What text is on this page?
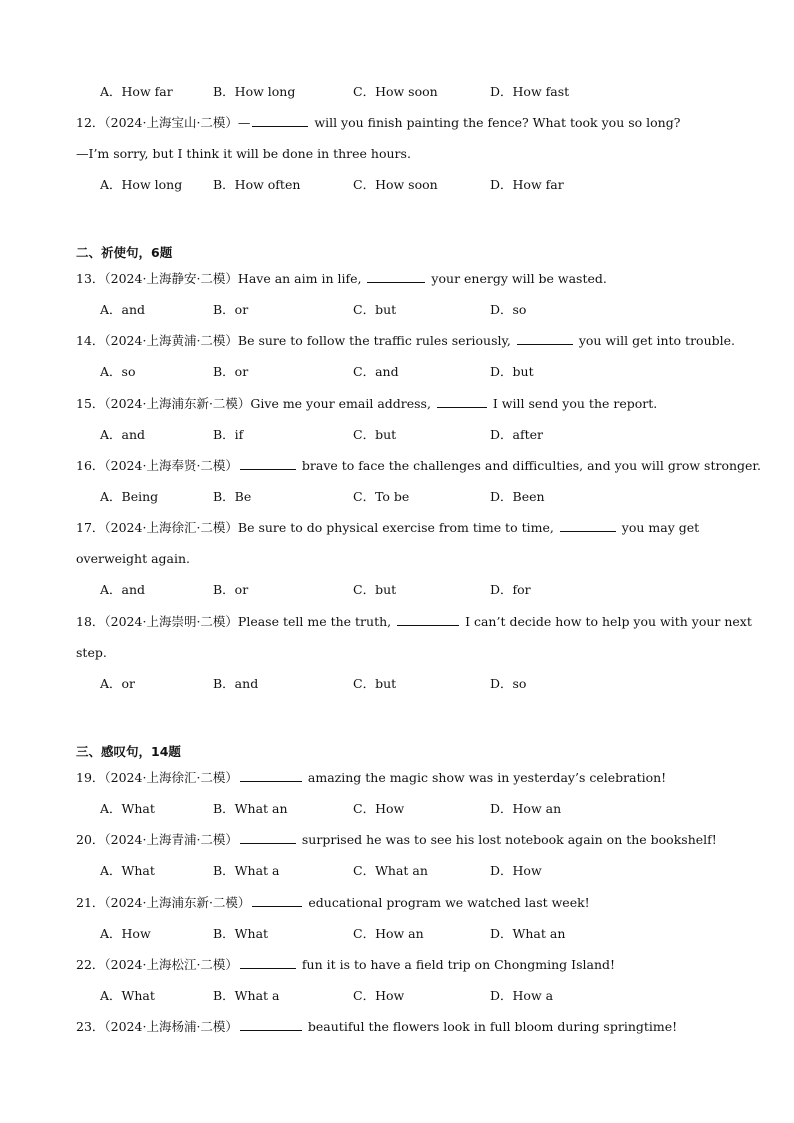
A．How far	B．How long	C．How soon	D．How fast
12．（2024·上海宝山·二模）—	will you finish painting the fence? What took you so long?
—I’m sorry, but I think it will be done in three hours.
A．How long B．How often	C．How soon	D．How far
二、祈使句，6题
13．（2024·上海静安·二模）Have an aim in life,	your energy will be wasted.
A．and	B．or	C．but	D．so
14．（2024·上海黄浦·二模）Be sure to follow the traffic rules seriously,	you will get into trouble.
A．so	B．or	C．and	D．but
15．（2024·上海浦东新·二模）Give me your email address,	I will send you the report.
A．and	B．if	C．but	D．after
16．（2024·上海奉贤·二模）	brave to face the challenges and difficulties, and you will grow stronger.
A．Being	B．Be	C．To be	D．Been
17．（2024·上海徐汇·二模）Be sure to do physical exercise from time to time,	you may get
overweight again.
A．and	B．or	C．but	D．for
18．（2024·上海崇明·二模）Please tell me the truth,	I can’t decide how to help you with your next
step.
A．or	B．and	C．but	D．so
三、感叹句，14题
19．（2024·上海徐汇·二模）	amazing the magic show was in yesterday’s celebration!
A．What	B．What an	C．How	D．How an
20．（2024·上海青浦·二模）	surprised he was to see his lost notebook again on the bookshelf!
A．What	B．What a	C．What an	D．How
21．（2024·上海浦东新·二模）	educational program we watched last week!
A．How	B．What	C．How an	D．What an
22．（2024·上海松江·二模）	fun it is to have a field trip on Chongming Island!
A．What	B．What a	C．How	D．How a
23．（2024·上海杨浦·二模）	beautiful the flowers look in full bloom during springtime!
